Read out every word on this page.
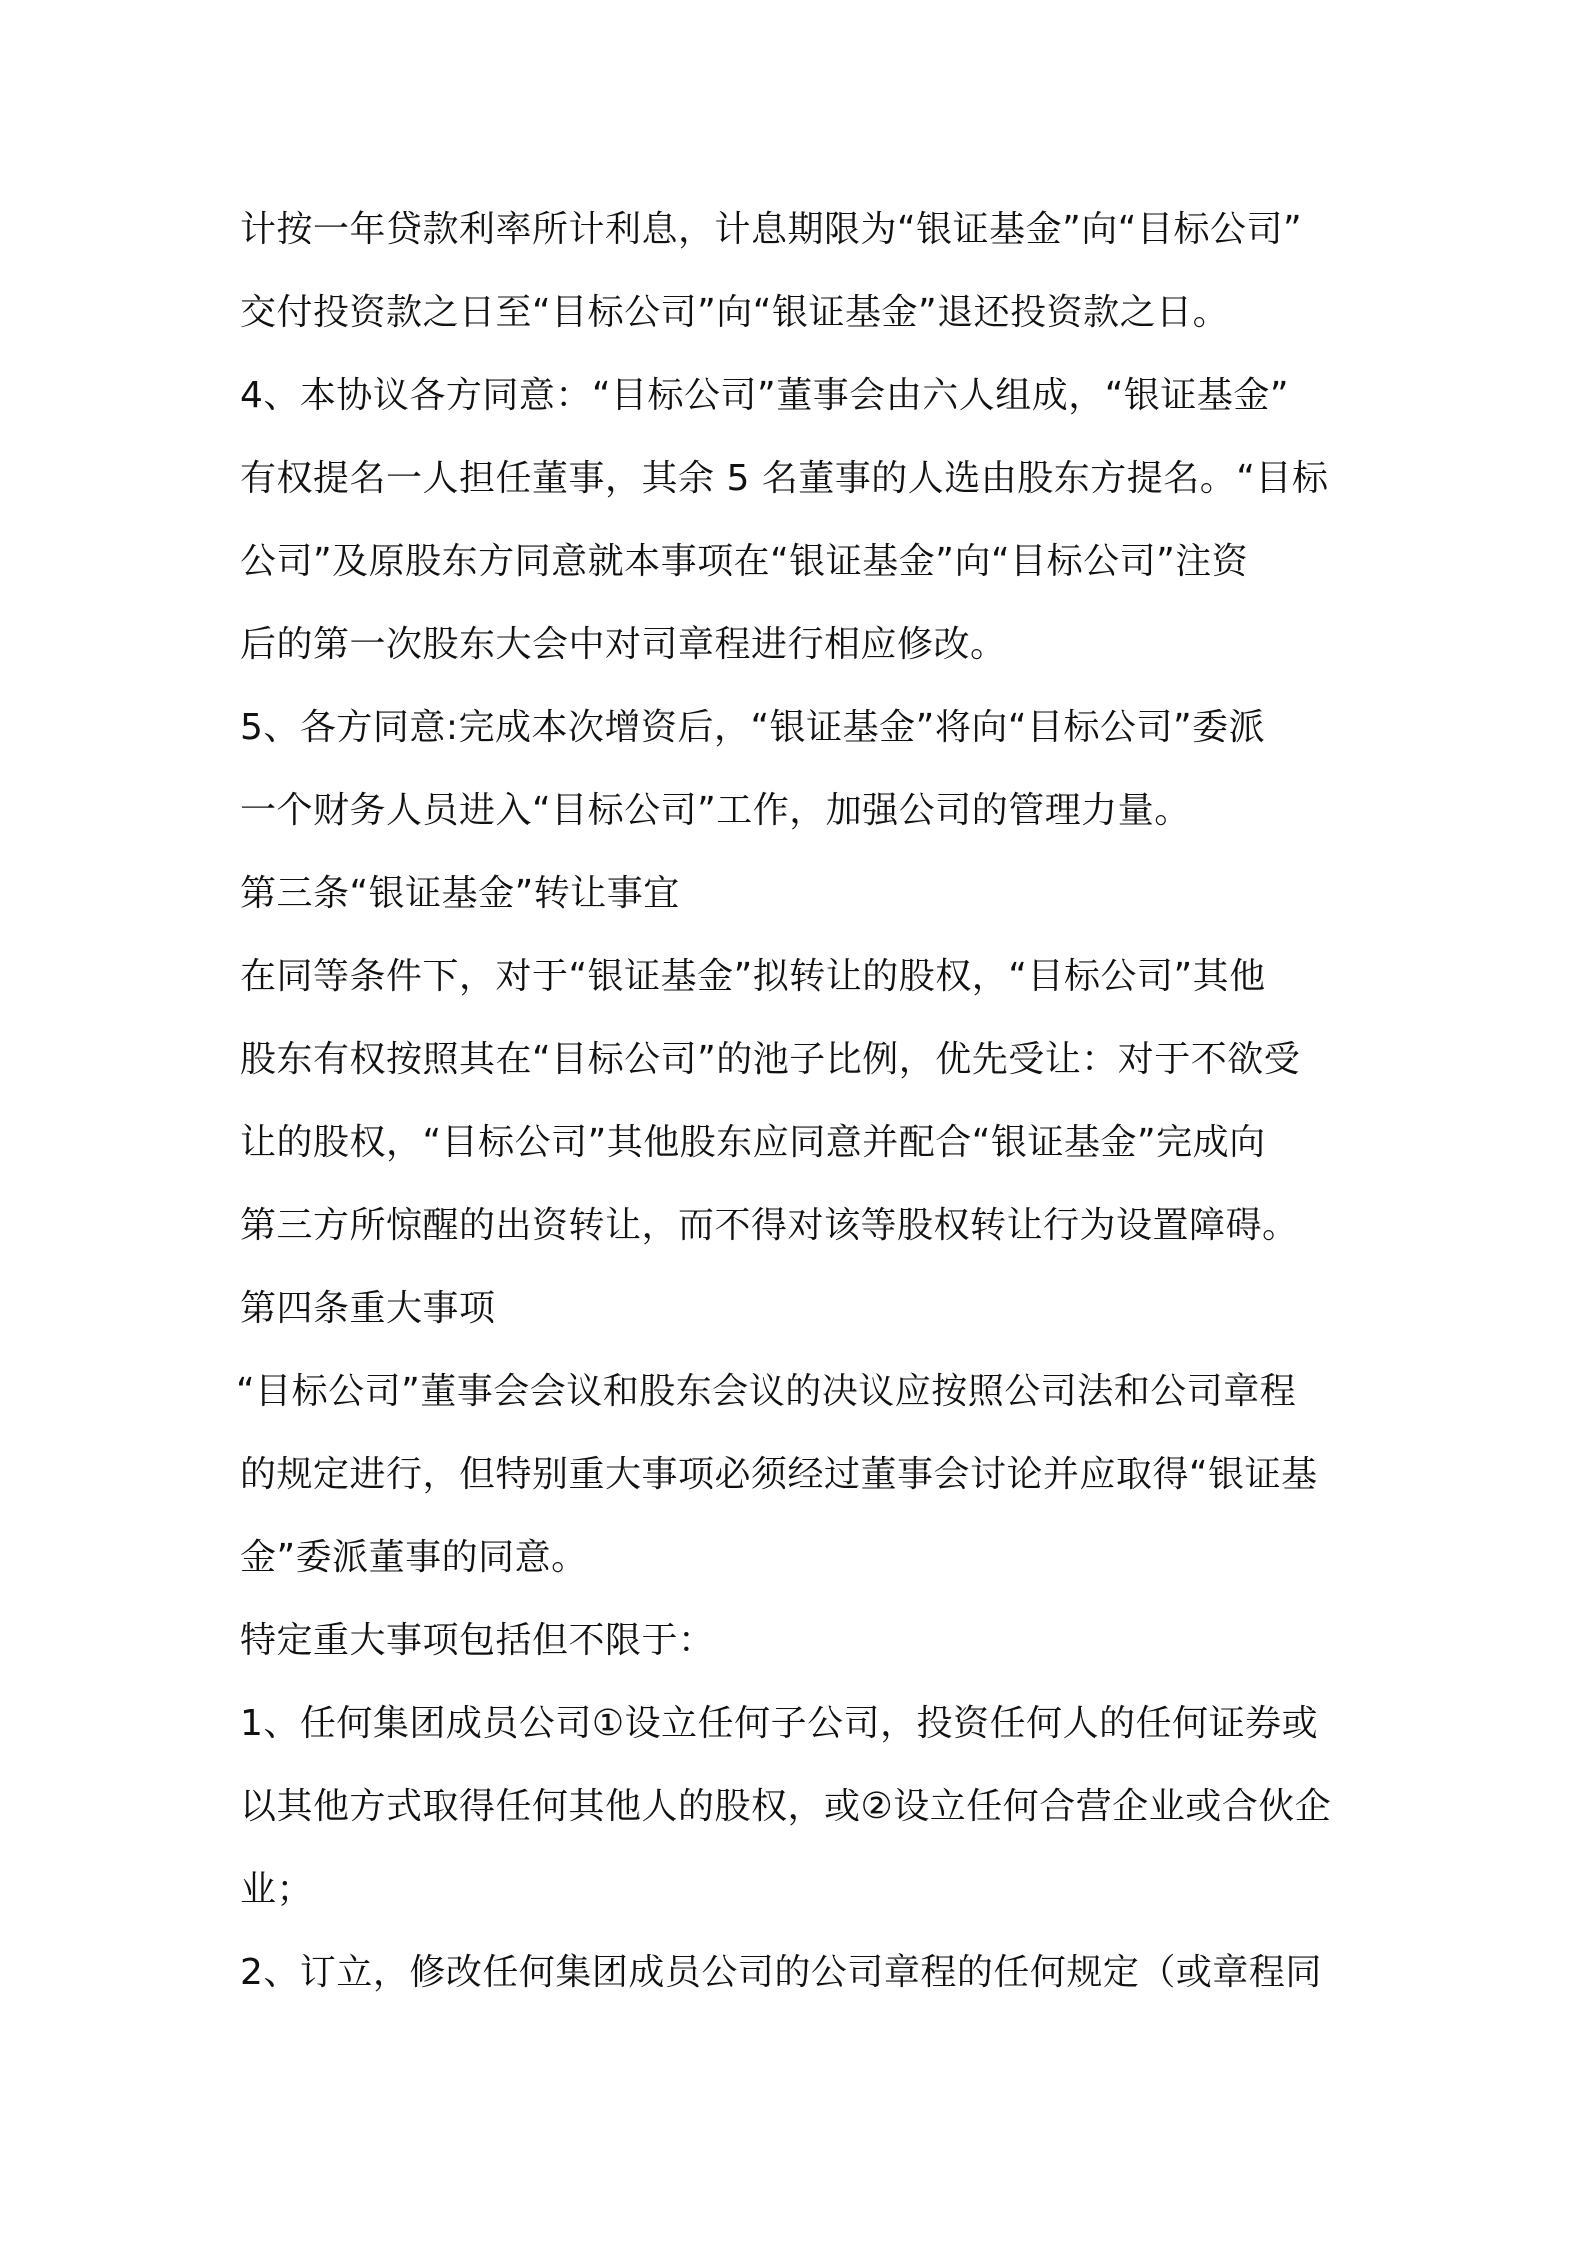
计按一年贷款利率所计利息，计息期限为“银证基金”向“目标公司”
交付投资款之日至“目标公司”向“银证基金”退还投资款之日。
4、本协议各方同意：“目标公司”董事会由六人组成，“银证基金”
有权提名一人担任董事，其余 5 名董事的人选由股东方提名。“目标
公司”及原股东方同意就本事项在“银证基金”向“目标公司”注资
后的第一次股东大会中对司章程进行相应修改。
5、各方同意:完成本次增资后，“银证基金”将向“目标公司”委派
一个财务人员进入“目标公司”工作，加强公司的管理力量。
第三条“银证基金”转让事宜
在同等条件下，对于“银证基金”拟转让的股权，“目标公司”其他
股东有权按照其在“目标公司”的池子比例，优先受让：对于不欲受
让的股权，“目标公司”其他股东应同意并配合“银证基金”完成向
第三方所惊醒的出资转让，而不得对该等股权转让行为设置障碍。
第四条重大事项
“目标公司”董事会会议和股东会议的决议应按照公司法和公司章程
的规定进行，但特别重大事项必须经过董事会讨论并应取得“银证基
金”委派董事的同意。
特定重大事项包括但不限于：
1、任何集团成员公司①设立任何子公司，投资任何人的任何证券或
以其他方式取得任何其他人的股权，或②设立任何合营企业或合伙企
业；
2、订立，修改任何集团成员公司的公司章程的任何规定（或章程同
